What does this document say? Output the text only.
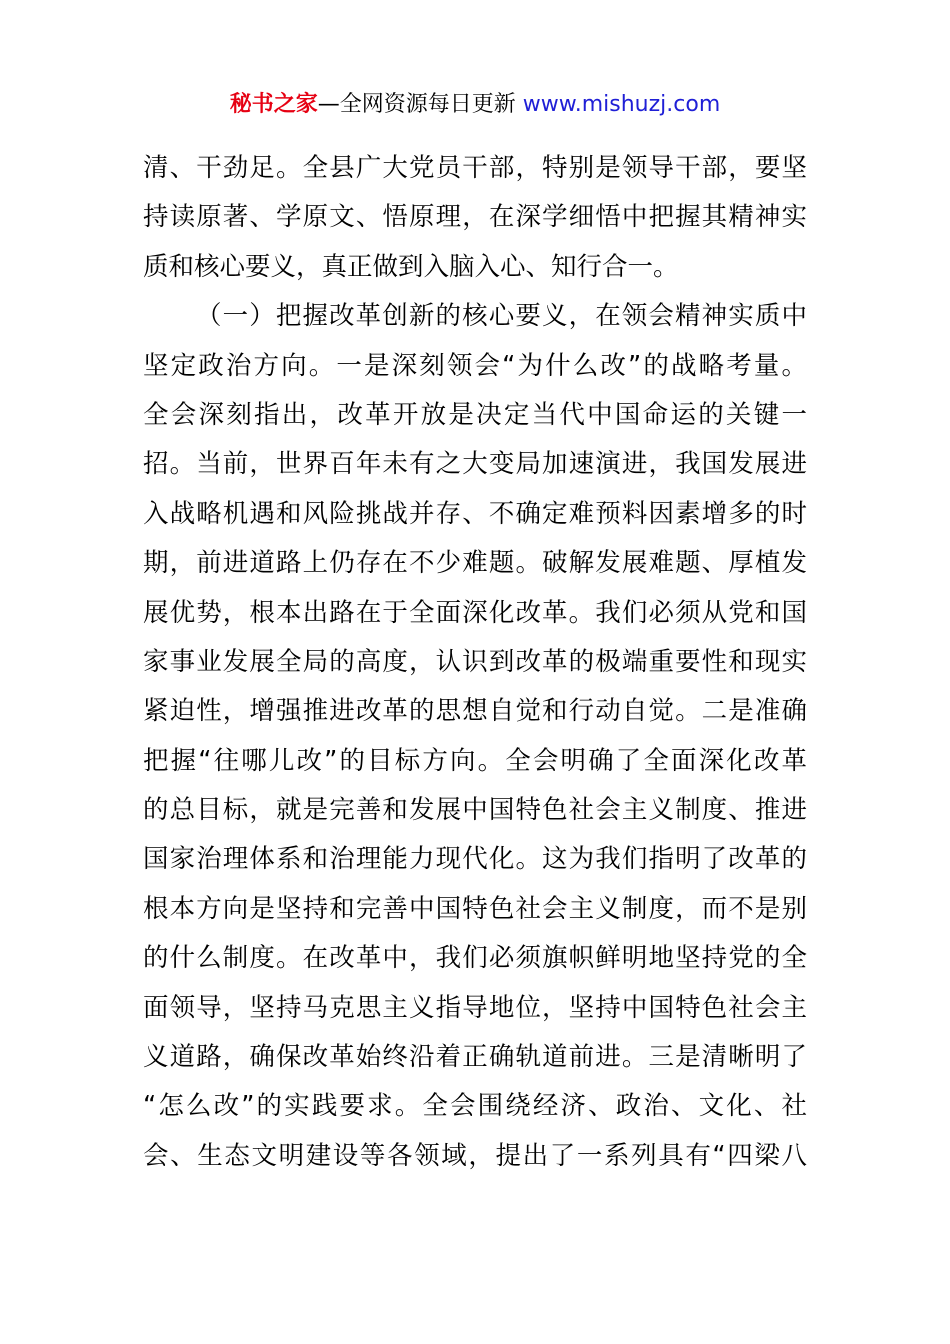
秘书之家—全网资源每日更新 www.mishuzj.com
清、干劲足。全县广大党员干部，特别是领导干部，要坚
持读原著、学原文、悟原理，在深学细悟中把握其精神实
质和核心要义，真正做到入脑入心、知行合一。
（一）把握改革创新的核心要义，在领会精神实质中
坚定政治方向。一是深刻领会“为什么改”的战略考量。
全会深刻指出，改革开放是决定当代中国命运的关键一
招。当前，世界百年未有之大变局加速演进，我国发展进
入战略机遇和风险挑战并存、不确定难预料因素增多的时
期，前进道路上仍存在不少难题。破解发展难题、厚植发
展优势，根本出路在于全面深化改革。我们必须从党和国
家事业发展全局的高度，认识到改革的极端重要性和现实
紧迫性，增强推进改革的思想自觉和行动自觉。二是准确
把握“往哪儿改”的目标方向。全会明确了全面深化改革
的总目标，就是完善和发展中国特色社会主义制度、推进
国家治理体系和治理能力现代化。这为我们指明了改革的
根本方向是坚持和完善中国特色社会主义制度，而不是别
的什么制度。在改革中，我们必须旗帜鲜明地坚持党的全
面领导，坚持马克思主义指导地位，坚持中国特色社会主
义道路，确保改革始终沿着正确轨道前进。三是清晰明了
“怎么改”的实践要求。全会围绕经济、政治、文化、社
会、生态文明建设等各领域，提出了一系列具有“四梁八
